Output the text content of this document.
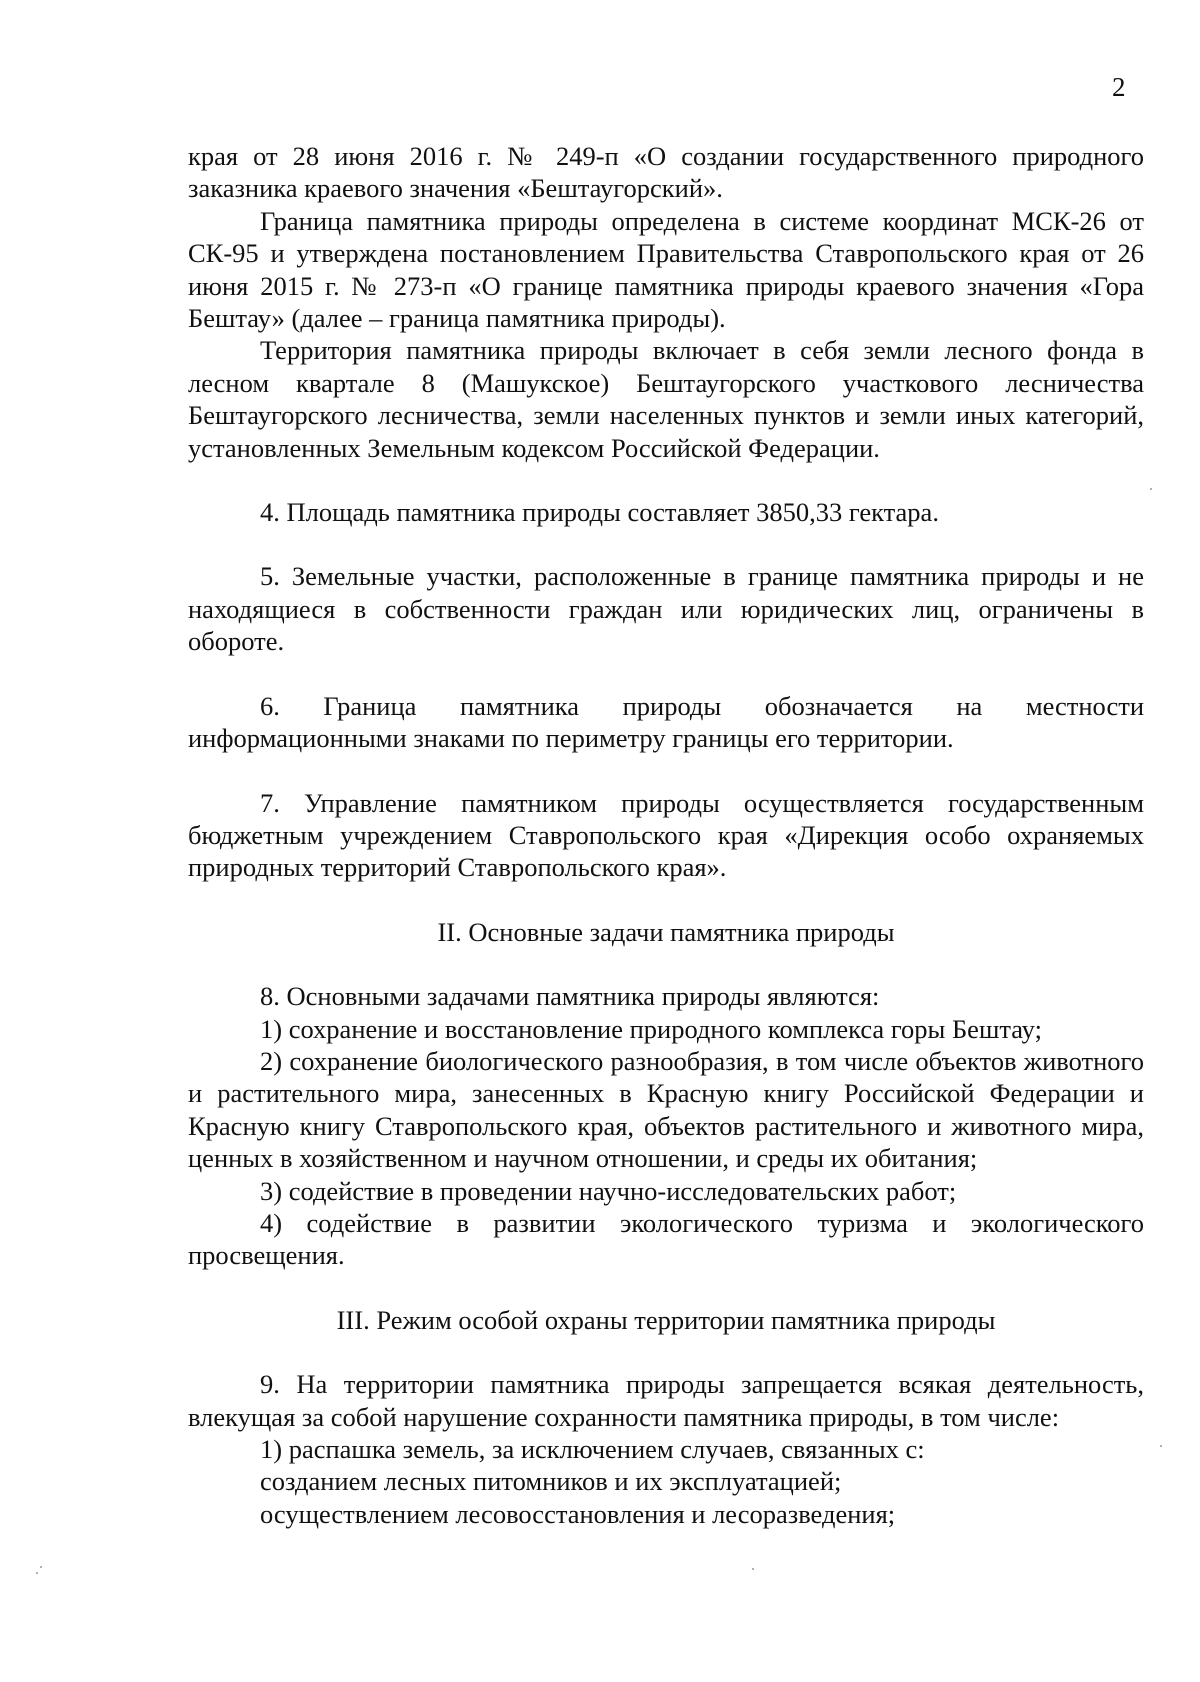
2

края от 28 июня 2016 г. № 249-п «О создании государственного природного заказника краевого значения «Бештаугорский».

Граница памятника природы определена в системе координат МСК-26 от СК-95 и утверждена постановлением Правительства Ставропольского края от 26 июня 2015 г. № 273-п «О границе памятника природы краевого значения «Гора Бештау» (далее – граница памятника природы).

Территория памятника природы включает в себя земли лесного фонда в лесном квартале 8 (Машукское) Бештаугорского участкового лесничества Бештаугорского лесничества, земли населенных пунктов и земли иных категорий, установленных Земельным кодексом Российской Федерации.

4. Площадь памятника природы составляет 3850,33 гектара.

5. Земельные участки, расположенные в границе памятника природы и не находящиеся в собственности граждан или юридических лиц, ограничены в обороте.

6. Граница памятника природы обозначается на местности информационными знаками по периметру границы его территории.

7. Управление памятником природы осуществляется государственным бюджетным учреждением Ставропольского края «Дирекция особо охраняемых природных территорий Ставропольского края».

II. Основные задачи памятника природы

8. Основными задачами памятника природы являются:

1) сохранение и восстановление природного комплекса горы Бештау;

2) сохранение биологического разнообразия, в том числе объектов животного и растительного мира, занесенных в Красную книгу Российской Федерации и Красную книгу Ставропольского края, объектов растительного и животного мира, ценных в хозяйственном и научном отношении, и среды их обитания;

3) содействие в проведении научно-исследовательских работ;

4) содействие в развитии экологического туризма и экологического просвещения.

III. Режим особой охраны территории памятника природы

9. На территории памятника природы запрещается всякая деятельность, влекущая за собой нарушение сохранности памятника природы, в том числе:

1) распашка земель, за исключением случаев, связанных с:

созданием лесных питомников и их эксплуатацией;

осуществлением лесовосстановления и лесоразведения;
